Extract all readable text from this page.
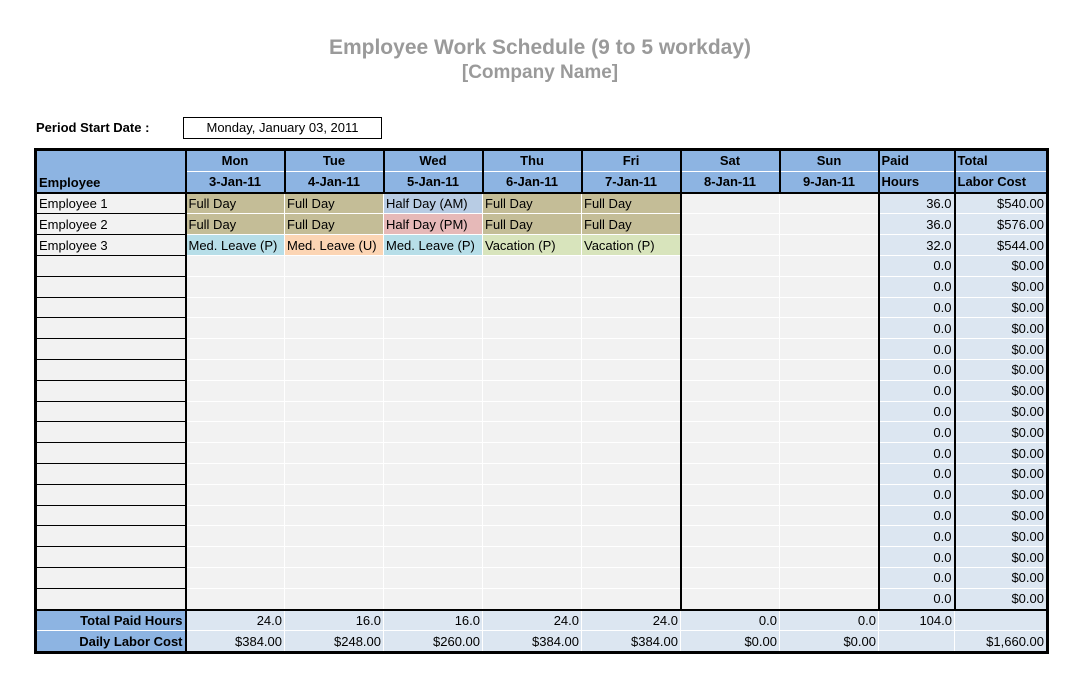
Employee Work Schedule (9 to 5 workday)
[Company Name]
Period Start Date :	Monday, January 03, 2011
Employee	Mon	Tue	Wed	Thu	Fri	Sat	Sun	Paid	Total
	3-Jan-11	4-Jan-11	5-Jan-11	6-Jan-11	7-Jan-11	8-Jan-11	9-Jan-11	Hours	Labor Cost
Employee 1	Full Day	Full Day	Half Day (AM)	Full Day	Full Day			36.0	$540.00
Employee 2	Full Day	Full Day	Half Day (PM)	Full Day	Full Day			36.0	$576.00
Employee 3	Med. Leave (P)	Med. Leave (U)	Med. Leave (P)	Vacation (P)	Vacation (P)			32.0	$544.00
								0.0	$0.00
								0.0	$0.00
								0.0	$0.00
								0.0	$0.00
								0.0	$0.00
								0.0	$0.00
								0.0	$0.00
								0.0	$0.00
								0.0	$0.00
								0.0	$0.00
								0.0	$0.00
								0.0	$0.00
								0.0	$0.00
								0.0	$0.00
								0.0	$0.00
								0.0	$0.00
								0.0	$0.00
Total Paid Hours	24.0	16.0	16.0	24.0	24.0	0.0	0.0	104.0	
Daily Labor Cost	$384.00	$248.00	$260.00	$384.00	$384.00	$0.00	$0.00		$1,660.00
